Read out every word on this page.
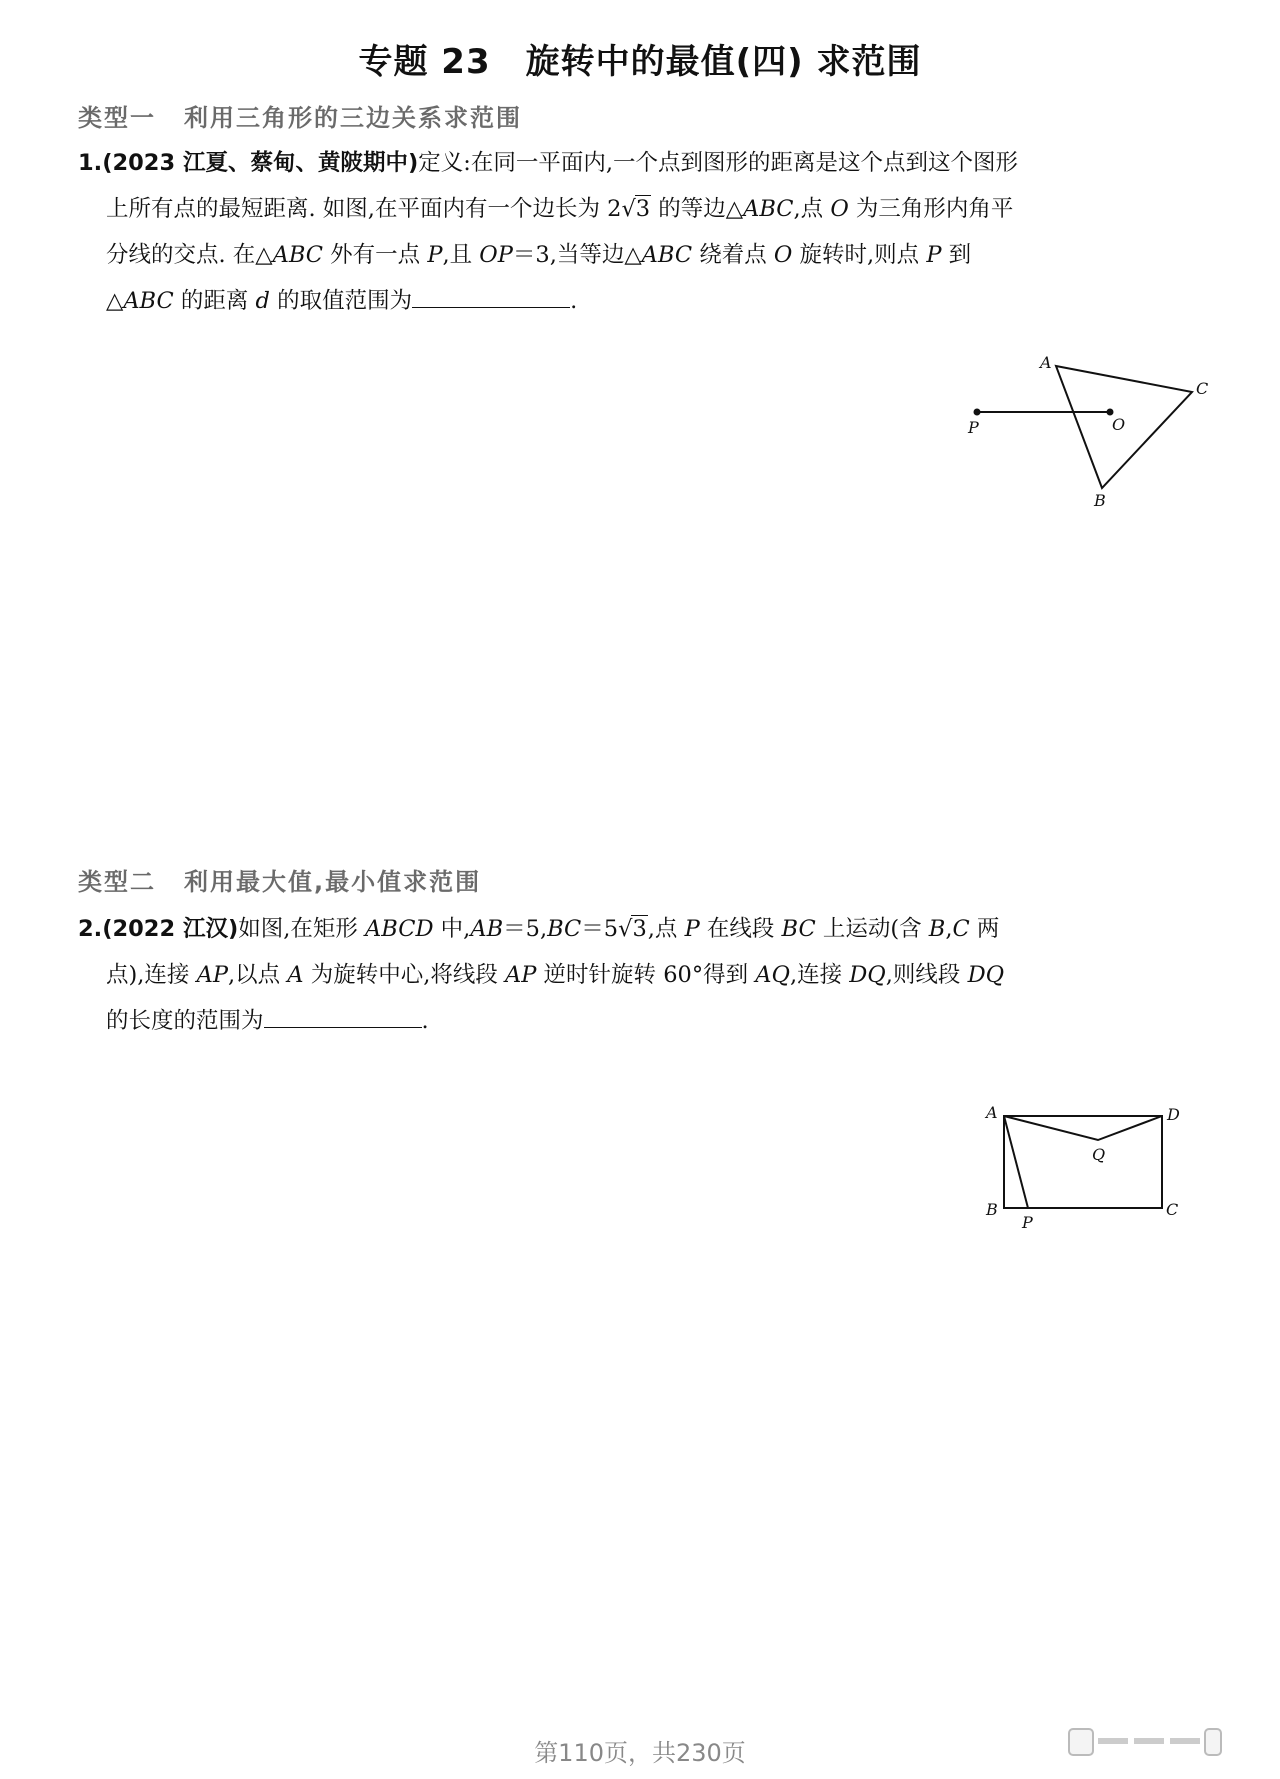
专题 23　旋转中的最值(四) 求范围
类型一 利用三角形的三边关系求范围
1.(2023 江夏、蔡甸、黄陂期中)定义:在同一平面内,一个点到图形的距离是这个点到这个图形
上所有点的最短距离. 如图,在平面内有一个边长为 2√3 的等边△ABC,点 O 为三角形内角平
分线的交点. 在△ABC 外有一点 P,且 OP＝3,当等边△ABC 绕着点 O 旋转时,则点 P 到
△ABC 的距离 d 的取值范围为	.
A
C
O
P
B
类型二 利用最大值,最小值求范围
2.(2022 江汉)如图,在矩形 ABCD 中,AB＝5,BC＝5√3,点 P 在线段 BC 上运动(含 B,C 两
点),连接 AP,以点 A 为旋转中心,将线段 AP 逆时针旋转 60°得到 AQ,连接 DQ,则线段 DQ
的长度的范围为	.
A	D
Q
B
P
C
第110页，共230页
